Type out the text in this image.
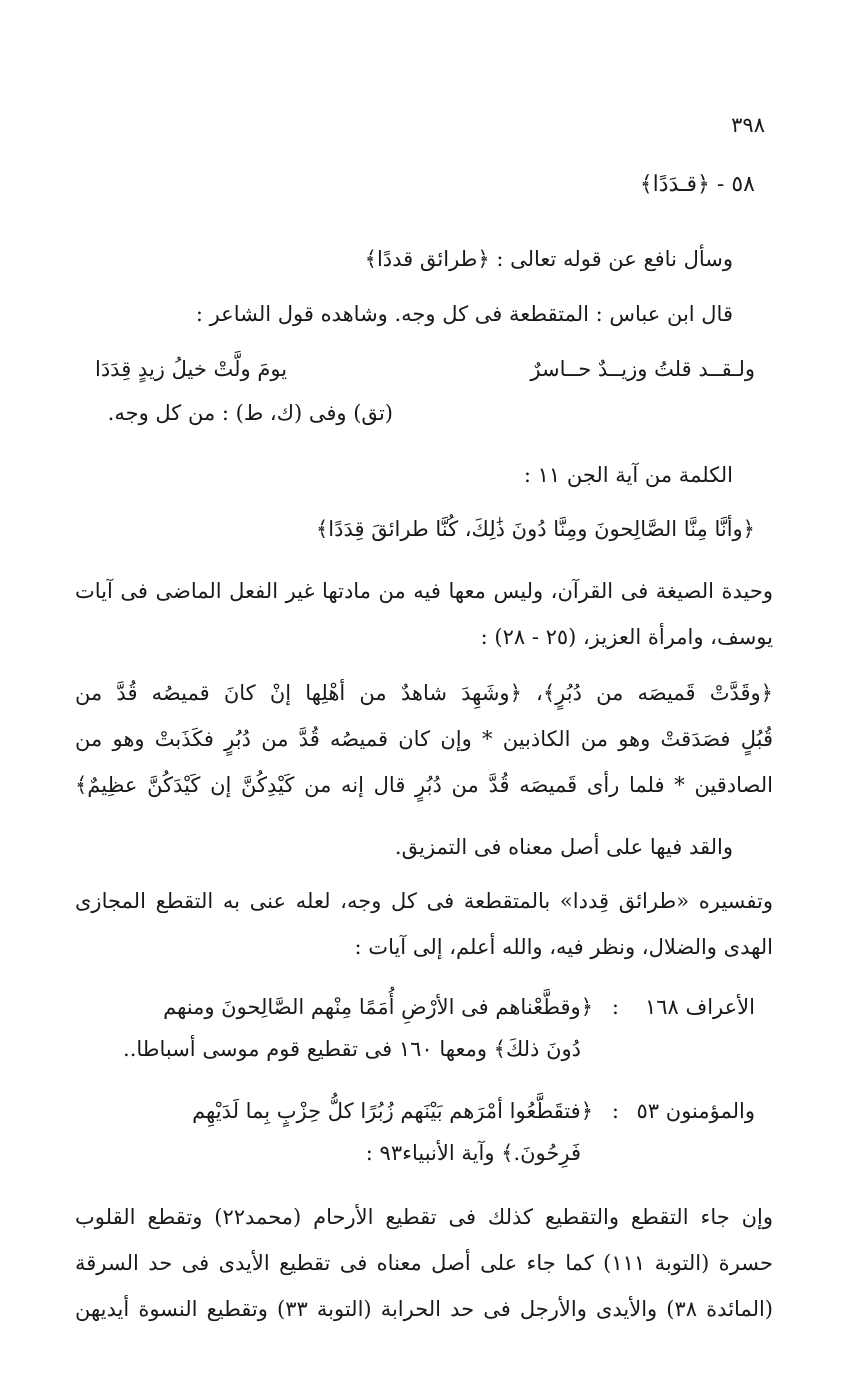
٣٩٨
٥٨ - ﴿قـدَدًا﴾
وسأل نافع عن قوله تعالى : ﴿طرائق قددًا﴾
قال ابن عباس : المتقطعة فى كل وجه. وشاهده قول الشاعر :
ولـقــد قلتُ وزيــدٌ حــاسرٌ
يومَ ولَّتْ خيلُ زيدٍ قِدَدَا
(تق) وفى (ك، ط) : من كل وجه.
الكلمة من آية الجن ١١ :
﴿وأنَّا مِنَّا الصَّالِحونَ ومِنَّا دُونَ ذَٰلِكَ، كُنَّا طرائقَ قِدَدًا﴾
وحيدة الصيغة فى القرآن، وليس معها فيه من مادتها غير الفعل الماضى فى آيات
يوسف، وامرأة العزيز، (٢٥ - ٢٨) :
﴿وقَدَّتْ قَميصَه من دُبُرٍ﴾، ﴿وشَهِدَ شاهدٌ من أهْلِها إنْ كانَ قميصُه قُدَّ من
قُبُلٍ فصَدَقتْ وهو من الكاذبين * وإن كان قميصُه قُدَّ من دُبُرٍ فكَذَبتْ وهو من
الصادقين * فلما رأى قَميصَه قُدَّ من دُبُرٍ قال إنه من كَيْدِكُنَّ إن كَيْدَكُنَّ عظِيمٌ﴾
والقد فيها على أصل معناه فى التمزيق.
وتفسيره «طرائق قِددا» بالمتقطعة فى كل وجه، لعله عنى به التقطع المجازى
الهدى والضلال، ونظر فيه، والله أعلم، إلى آيات :
الأعراف ١٦٨
:
﴿وقطَّعْناهم فى الأرْضِ أُمَمًا مِنْهم الصَّالِحونَ ومنهم
دُونَ ذلكَ﴾ ومعها ١٦٠ فى تقطيع قوم موسى أسباطا..
والمؤمنون ٥٣
:
﴿فتقَطَّعُوا أمْرَهم بَيْنَهم زُبُرًا كلُّ حِزْبٍ بِما لَدَيْهِم
فَرِحُونَ.﴾ وآية الأنبياء٩٣ :
وإن جاء التقطع والتقطيع كذلك فى تقطيع الأرحام (محمد٢٢) وتقطع القلوب
حسرة (التوبة ١١١) كما جاء على أصل معناه فى تقطيع الأيدى فى حد السرقة
(المائدة ٣٨) والأيدى والأرجل فى حد الحرابة (التوبة ٣٣) وتقطيع النسوة أيديهن
